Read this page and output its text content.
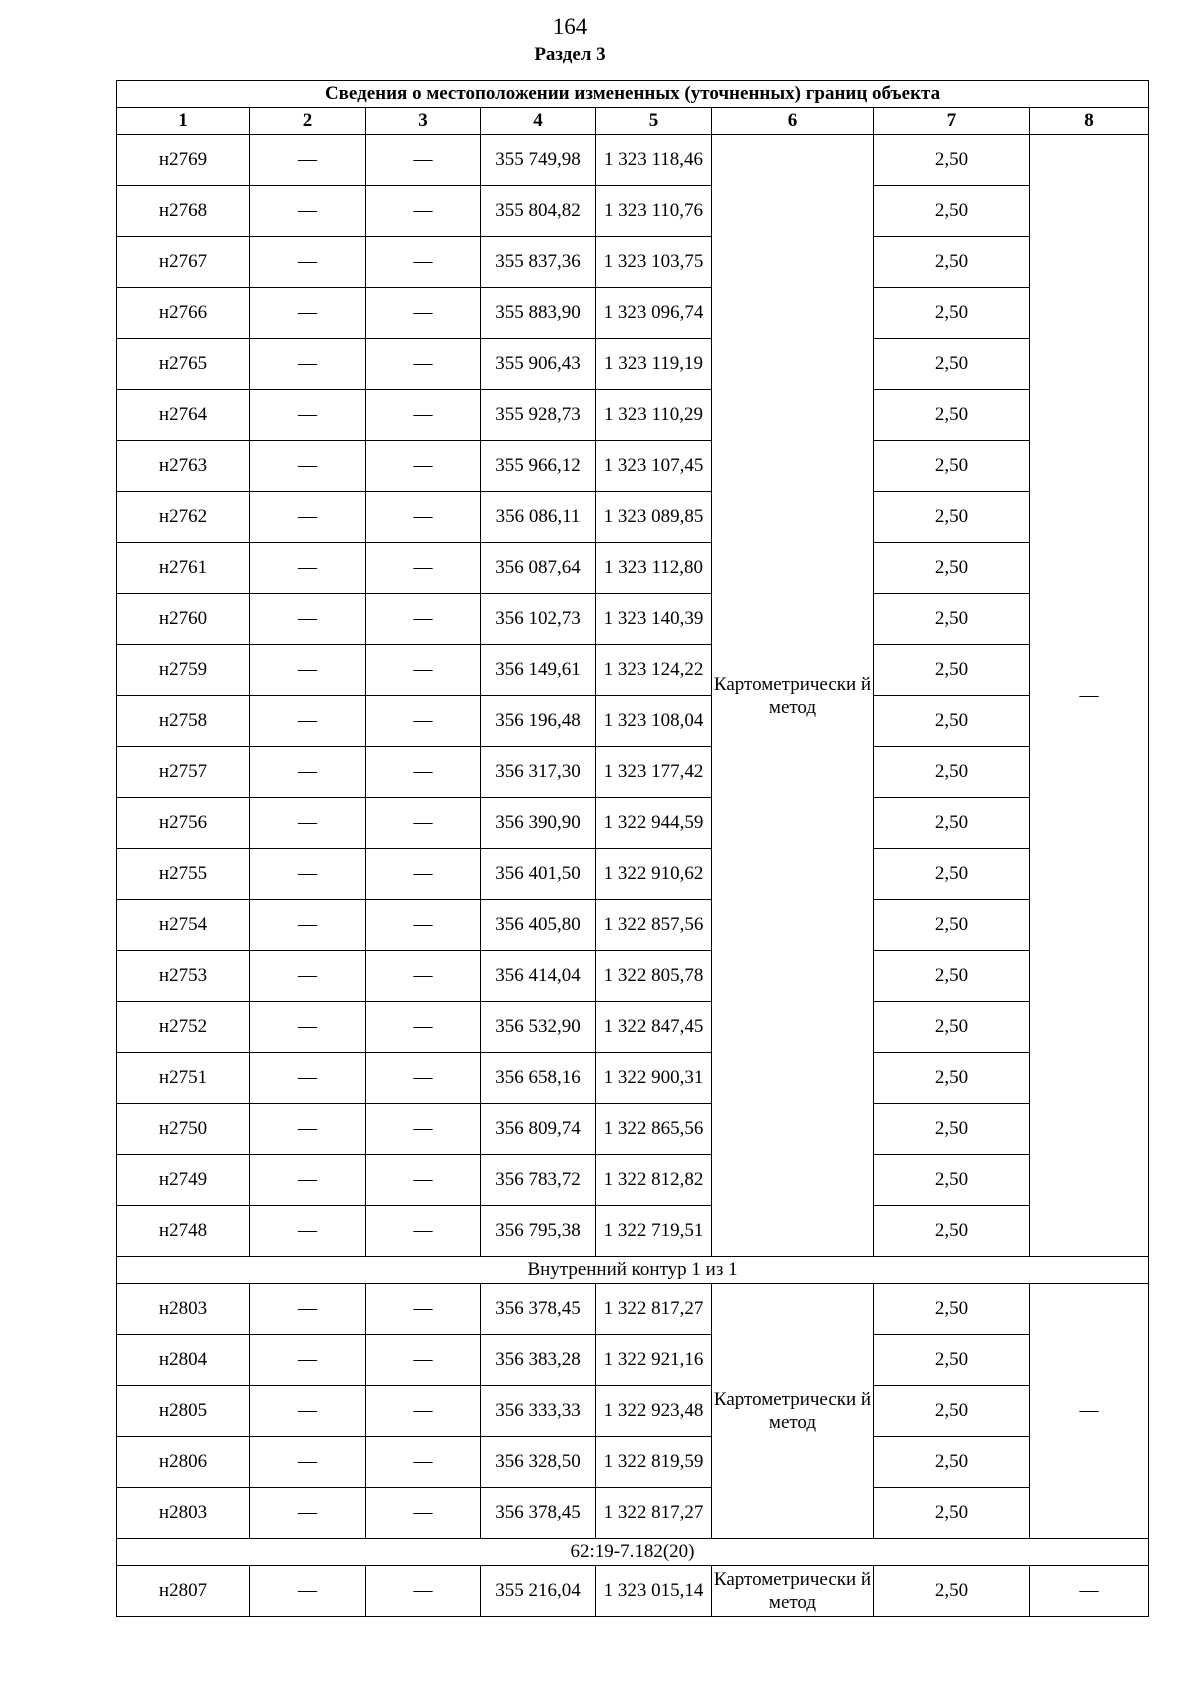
164
Раздел 3
Сведения о местоположении измененных (уточненных) границ объекта							
1	2	3	4	5	6	7	8
н2769	—	—	355 749,98	1 323 118,46	Картометрически й метод	2,50	—
н2768	—	—	355 804,82	1 323 110,76		2,50	
н2767	—	—	355 837,36	1 323 103,75		2,50	
н2766	—	—	355 883,90	1 323 096,74		2,50	
н2765	—	—	355 906,43	1 323 119,19		2,50	
н2764	—	—	355 928,73	1 323 110,29		2,50	
н2763	—	—	355 966,12	1 323 107,45		2,50	
н2762	—	—	356 086,11	1 323 089,85		2,50	
н2761	—	—	356 087,64	1 323 112,80		2,50	
н2760	—	—	356 102,73	1 323 140,39		2,50	
н2759	—	—	356 149,61	1 323 124,22		2,50	
н2758	—	—	356 196,48	1 323 108,04		2,50	
н2757	—	—	356 317,30	1 323 177,42		2,50	
н2756	—	—	356 390,90	1 322 944,59		2,50	
н2755	—	—	356 401,50	1 322 910,62		2,50	
н2754	—	—	356 405,80	1 322 857,56		2,50	
н2753	—	—	356 414,04	1 322 805,78		2,50	
н2752	—	—	356 532,90	1 322 847,45		2,50	
н2751	—	—	356 658,16	1 322 900,31		2,50	
н2750	—	—	356 809,74	1 322 865,56		2,50	
н2749	—	—	356 783,72	1 322 812,82		2,50	
н2748	—	—	356 795,38	1 322 719,51		2,50	
Внутренний контур 1 из 1							
н2803	—	—	356 378,45	1 322 817,27	Картометрически й метод	2,50	—
н2804	—	—	356 383,28	1 322 921,16		2,50	
н2805	—	—	356 333,33	1 322 923,48		2,50	
н2806	—	—	356 328,50	1 322 819,59		2,50	
н2803	—	—	356 378,45	1 322 817,27		2,50	
62:19-7.182(20)							
н2807	—	—	355 216,04	1 323 015,14	Картометрически й метод	2,50	—
